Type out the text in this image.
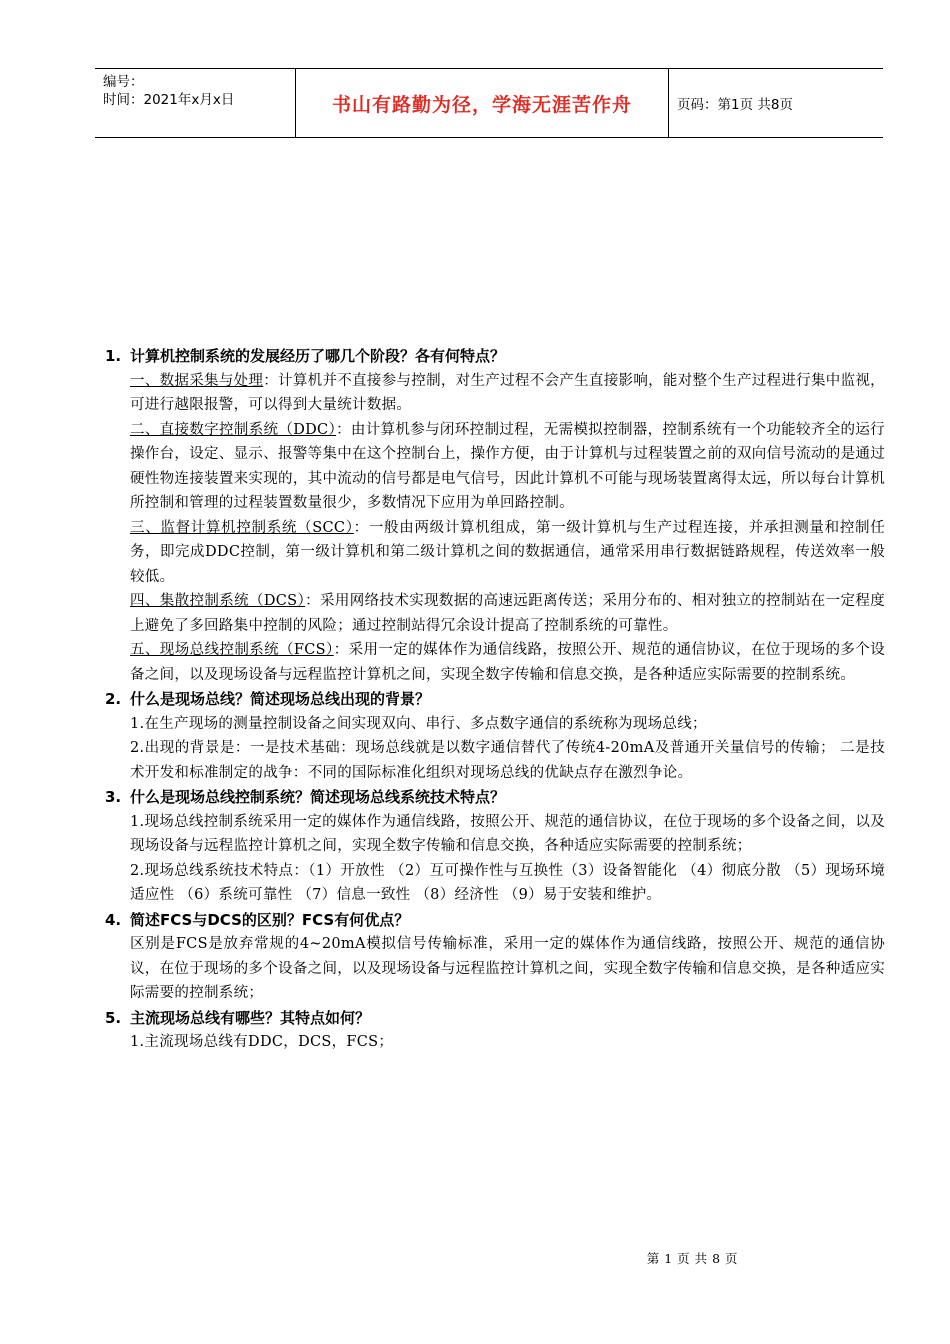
编号：
时间：2021年x月x日	书山有路勤为径，学海无涯苦作舟	页码：第1页 共8页
1. 计算机控制系统的发展经历了哪几个阶段？各有何特点？
一、数据采集与处理：计算机并不直接参与控制，对生产过程不会产生直接影响，能对整个生产过程进行集中监视，可进行越限报警，可以得到大量统计数据。
二、直接数字控制系统（DDC）：由计算机参与闭环控制过程，无需模拟控制器，控制系统有一个功能较齐全的运行操作台，设定、显示、报警等集中在这个控制台上，操作方便，由于计算机与过程装置之前的双向信号流动的是通过硬性物连接装置来实现的，其中流动的信号都是电气信号，因此计算机不可能与现场装置离得太远，所以每台计算机所控制和管理的过程装置数量很少，多数情况下应用为单回路控制。
三、监督计算机控制系统（SCC）：一般由两级计算机组成，第一级计算机与生产过程连接，并承担测量和控制任务，即完成DDC控制，第一级计算机和第二级计算机之间的数据通信，通常采用串行数据链路规程，传送效率一般较低。
四、集散控制系统（DCS）：采用网络技术实现数据的高速远距离传送；采用分布的、相对独立的控制站在一定程度上避免了多回路集中控制的风险；通过控制站得冗余设计提高了控制系统的可靠性。
五、现场总线控制系统（FCS）：采用一定的媒体作为通信线路，按照公开、规范的通信协议，在位于现场的多个设备之间，以及现场设备与远程监控计算机之间，实现全数字传输和信息交换，是各种适应实际需要的控制系统。
2. 什么是现场总线？简述现场总线出现的背景？
1.在生产现场的测量控制设备之间实现双向、串行、多点数字通信的系统称为现场总线；
2.出现的背景是：一是技术基础：现场总线就是以数字通信替代了传统4-20mA及普通开关量信号的传输； 二是技术开发和标准制定的战争：不同的国际标准化组织对现场总线的优缺点存在激烈争论。
3. 什么是现场总线控制系统？简述现场总线系统技术特点？
1.现场总线控制系统采用一定的媒体作为通信线路，按照公开、规范的通信协议，在位于现场的多个设备之间，以及现场设备与远程监控计算机之间，实现全数字传输和信息交换，各种适应实际需要的控制系统；
2.现场总线系统技术特点：（1）开放性 （2）互可操作性与互换性（3）设备智能化 （4）彻底分散 （5）现场环境适应性 （6）系统可靠性 （7）信息一致性 （8）经济性 （9）易于安装和维护。
4. 简述FCS与DCS的区别？FCS有何优点？
区别是FCS是放弃常规的4~20mA模拟信号传输标准，采用一定的媒体作为通信线路，按照公开、规范的通信协议，在位于现场的多个设备之间，以及现场设备与远程监控计算机之间，实现全数字传输和信息交换，是各种适应实际需要的控制系统；
5. 主流现场总线有哪些？其特点如何？
1.主流现场总线有DDC，DCS，FCS；
第 1 页 共 8 页
